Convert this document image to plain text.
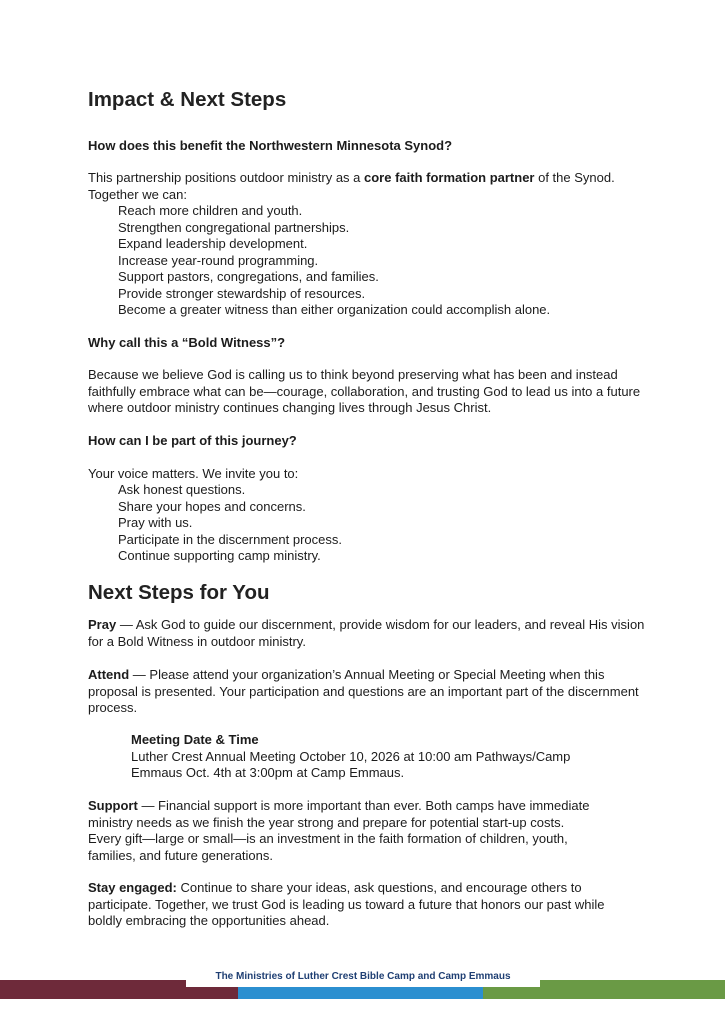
Impact & Next Steps

How does this benefit the Northwestern Minnesota Synod?

This partnership positions outdoor ministry as a core faith formation partner of the Synod. Together we can:

Reach more children and youth.
Strengthen congregational partnerships.
Expand leadership development.
Increase year-round programming.
Support pastors, congregations, and families.
Provide stronger stewardship of resources.
Become a greater witness than either organization could accomplish alone.

Why call this a “Bold Witness”?

Because we believe God is calling us to think beyond preserving what has been and instead faithfully embrace what can be—courage, collaboration, and trusting God to lead us into a future where outdoor ministry continues changing lives through Jesus Christ.

How can I be part of this journey?

Your voice matters. We invite you to:

Ask honest questions.
Share your hopes and concerns.
Pray with us.
Participate in the discernment process.
Continue supporting camp ministry.
Next Steps for You

Pray — Ask God to guide our discernment, provide wisdom for our leaders, and reveal His vision for a Bold Witness in outdoor ministry.

Attend — Please attend your organization’s Annual Meeting or Special Meeting when this proposal is presented. Your participation and questions are an important part of the discernment process.

Meeting Date & Time
Luther Crest Annual Meeting October 10, 2026 at 10:00 am Pathways/Camp Emmaus Oct. 4th at 3:00pm at Camp Emmaus.

Support — Financial support is more important than ever. Both camps have immediate ministry needs as we finish the year strong and prepare for potential start-up costs. Every gift—large or small—is an investment in the faith formation of children, youth, families, and future generations.

Stay engaged: Continue to share your ideas, ask questions, and encourage others to participate. Together, we trust God is leading us toward a future that honors our past while boldly embracing the opportunities ahead.

The Ministries of Luther Crest Bible Camp and Camp Emmaus
